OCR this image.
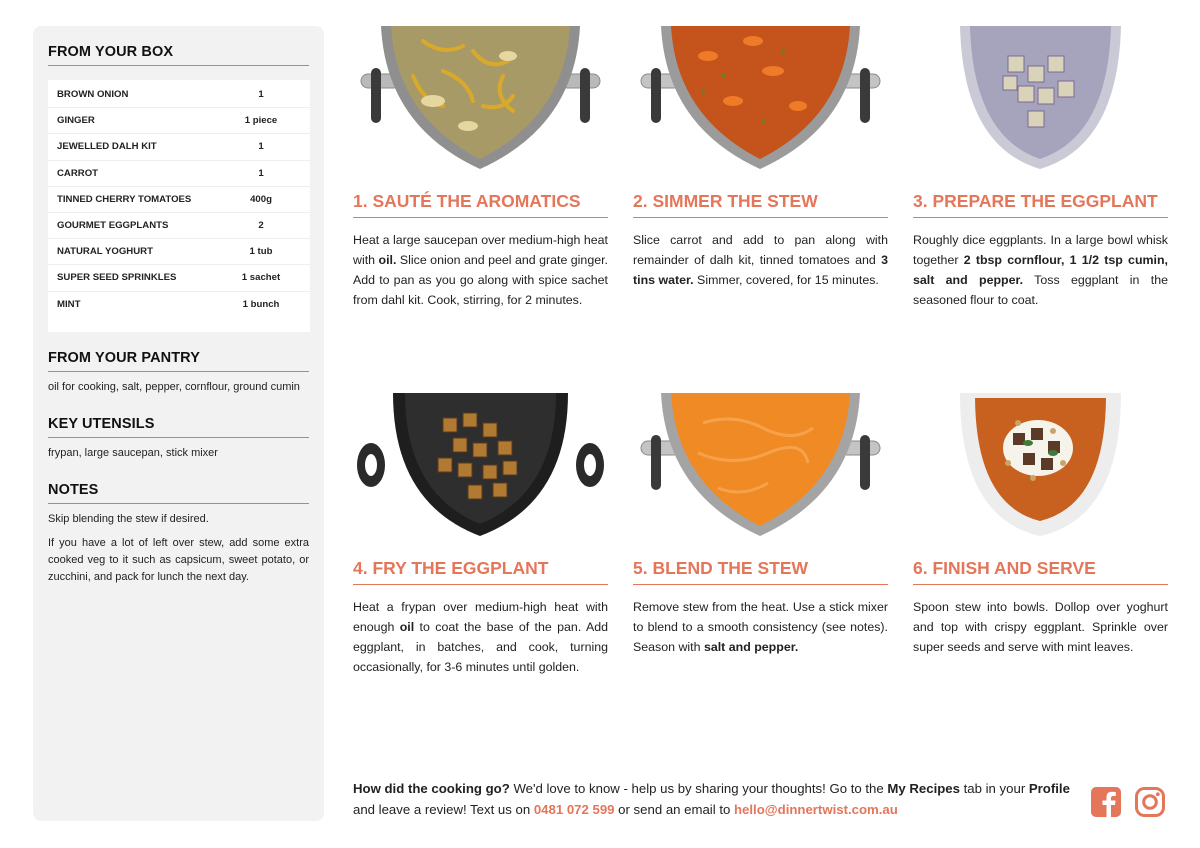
FROM YOUR BOX
BROWN ONION	1
GINGER	1 piece
JEWELLED DALH KIT	1
CARROT	1
TINNED CHERRY TOMATOES	400g
GOURMET EGGPLANTS	2
NATURAL YOGHURT	1 tub
SUPER SEED SPRINKLES	1 sachet
MINT	1 bunch
FROM YOUR PANTRY
oil for cooking, salt, pepper, cornflour, ground cumin
KEY UTENSILS
frypan, large saucepan, stick mixer
NOTES

Skip blending the stew if desired.

If you have a lot of left over stew, add some extra cooked veg to it such as capsicum, sweet potato, or zucchini, and pack for lunch the next day.

1. SAUTÉ THE AROMATICS

Heat a large saucepan over medium-high heat with oil. Slice onion and peel and grate ginger. Add to pan as you go along with spice sachet from dahl kit. Cook, stirring, for 2 minutes.

2. SIMMER THE STEW

Slice carrot and add to pan along with remainder of dalh kit, tinned tomatoes and 3 tins water. Simmer, covered, for 15 minutes.

3. PREPARE THE EGGPLANT

Roughly dice eggplants. In a large bowl whisk together 2 tbsp cornflour, 1 1/2 tsp cumin, salt and pepper. Toss eggplant in the seasoned flour to coat.

4. FRY THE EGGPLANT

Heat a frypan over medium-high heat with enough oil to coat the base of the pan. Add eggplant, in batches, and cook, turning occasionally, for 3-6 minutes until golden.

5. BLEND THE STEW

Remove stew from the heat. Use a stick mixer to blend to a smooth consistency (see notes). Season with salt and pepper.

6. FINISH AND SERVE

Spoon stew into bowls. Dollop over yoghurt and top with crispy eggplant. Sprinkle over super seeds and serve with mint leaves.

How did the cooking go? We'd love to know - help us by sharing your thoughts! Go to the My Recipes tab in your Profile and leave a review! Text us on 0481 072 599 or send an email to hello@dinnertwist.com.au
